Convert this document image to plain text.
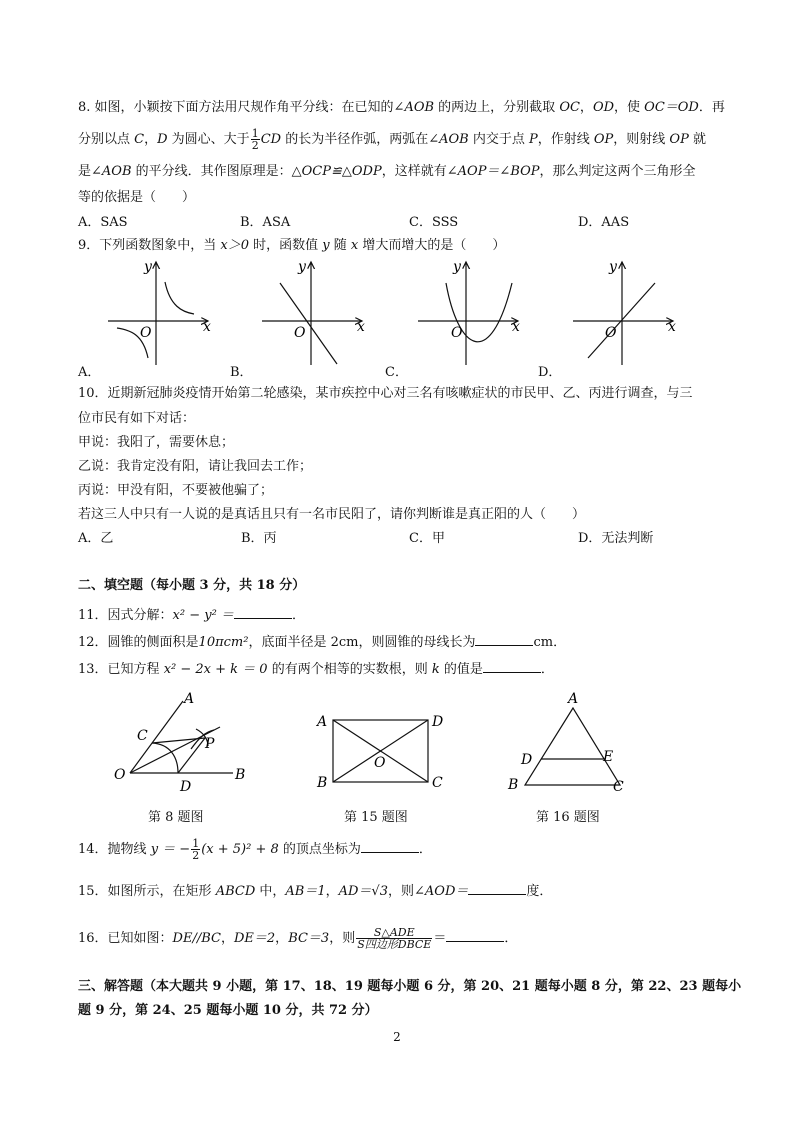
8. 如图，小颖按下面方法用尺规作角平分线：在已知的∠AOB 的两边上，分别截取 OC，OD，使 OC＝OD．再
分别以点 C，D 为圆心、大于 $\frac{1}{2}$ CD 的长为半径作弧，两弧在∠AOB 内交于点 P，作射线 OP，则射线 OP 就
是∠AOB 的平分线．其作图原理是：△OCP≌△ODP，这样就有∠AOP＝∠BOP，那么判定这两个三角形全
等的依据是（　　）
A．SAS	B．ASA	C．SSS	D．AAS
9．下列函数图象中，当 x＞0 时，函数值 y 随 x 增大而增大的是（　　）
x
y
O	x
y
O	x
y
O	x
y
O
A．	B．	C．	D．
10．近期新冠肺炎疫情开始第二轮感染，某市疾控中心对三名有咳嗽症状的市民甲、乙、丙进行调查，与三
位市民有如下对话：
甲说：我阳了，需要休息；
乙说：我肯定没有阳，请让我回去工作；
丙说：甲没有阳，不要被他骗了；
若这三人中只有一人说的是真话且只有一名市民阳了，请你判断谁是真正阳的人（　　）
A．乙	B．丙	C．甲	D．无法判断
二、填空题（每小题 3 分，共 18 分）
11．因式分解：x² − y² ＝	．
12．圆锥的侧面积是10πcm²，底面半径是 2cm，则圆锥的母线长为	cm．
13．已知方程 x² − 2x + k ＝ 0 的有两个相等的实数根，则 k 的值是	．
A
C	P
O
D
B
A	D
O
B	C
A
D	E
B	C
第 8 题图	第 15 题图	第 16 题图
14．抛物线 y ＝ − $\frac{1}{2} (x + 5)^2 + 8$ 的顶点坐标为	．
15．如图所示，在矩形 ABCD 中，AB＝1，AD＝√3，则∠AOD＝	度．
16．已知如图：DE//BC，DE＝2，BC＝3，则 $\frac{\text{S△ADE}}{\text{S四边形DBCE}}$ ＝	．
三、解答题（本大题共 9 小题，第 17、18、19 题每小题 6 分，第 20、21 题每小题 8 分，第 22、23 题每小
题 9 分，第 24、25 题每小题 10 分，共 72 分）
2
